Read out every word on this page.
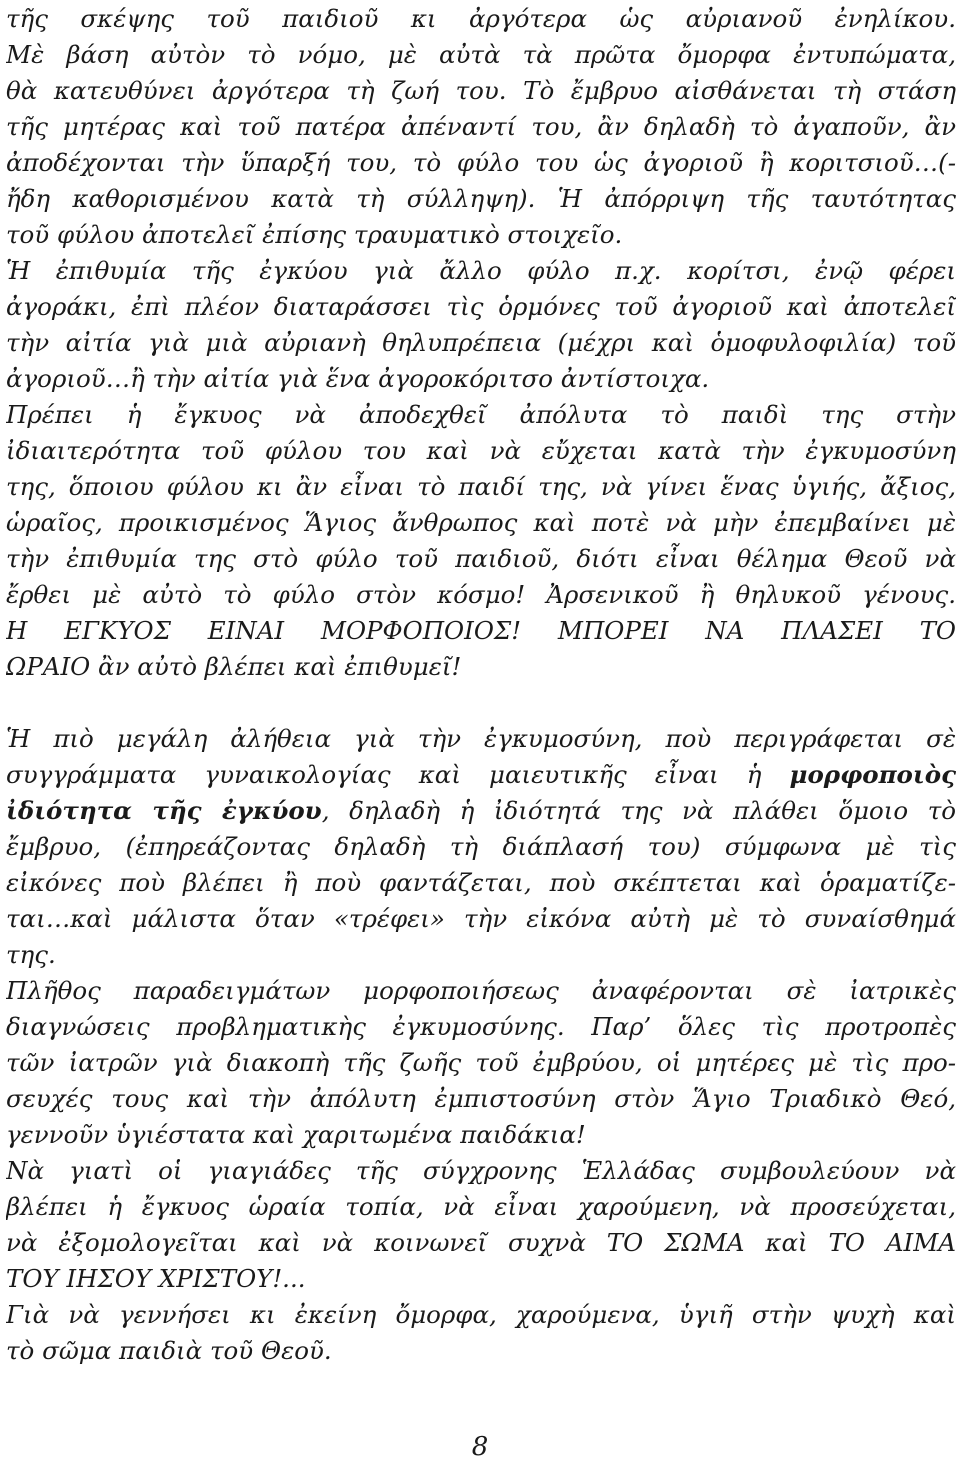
τῆς σκέψης τοῦ παιδιοῦ κι ἀργότερα ὡς αὐριανοῦ ἐνηλίκου.
Μὲ βάση αὐτὸν τὸ νόμο, μὲ αὐτὰ τὰ πρῶτα ὄμορφα ἐντυπώματα,
θὰ κατευθύνει ἀργότερα τὴ ζωή του. Τὸ ἔμβρυο αἰσθάνεται τὴ στάση
τῆς μητέρας καὶ τοῦ πατέρα ἀπέναντί του, ἂν δηλαδὴ τὸ ἀγαποῦν, ἂν
ἀποδέχονται τὴν ὕπαρξή του, τὸ φύλο του ὡς ἀγοριοῦ ἢ κοριτσιοῦ…(-
ἤδη καθορισμένου κατὰ τὴ σύλληψη). Ἡ ἀπόρριψη τῆς ταυτότητας
τοῦ φύλου ἀποτελεῖ ἐπίσης τραυματικὸ στοιχεῖο.
Ἡ ἐπιθυμία τῆς ἐγκύου γιὰ ἄλλο φύλο π.χ. κορίτσι, ἐνῷ φέρει
ἀγοράκι, ἐπὶ πλέον διαταράσσει τὶς ὁρμόνες τοῦ ἀγοριοῦ καὶ ἀποτελεῖ
τὴν αἰτία γιὰ μιὰ αὐριανὴ θηλυπρέπεια (μέχρι καὶ ὁμοφυλοφιλία) τοῦ
ἀγοριοῦ…ἢ τὴν αἰτία γιὰ ἕνα ἀγοροκόριτσο ἀντίστοιχα.
Πρέπει ἡ ἔγκυος νὰ ἀποδεχθεῖ ἀπόλυτα τὸ παιδὶ της στὴν
ἰδιαιτερότητα τοῦ φύλου του καὶ νὰ εὔχεται κατὰ τὴν ἐγκυμοσύνη
της, ὅποιου φύλου κι ἂν εἶναι τὸ παιδί της, νὰ γίνει ἕνας ὑγιής, ἄξιος,
ὡραῖος, προικισμένος Ἅγιος ἄνθρωπος καὶ ποτὲ νὰ μὴν ἐπεμβαίνει μὲ
τὴν ἐπιθυμία της στὸ φύλο τοῦ παιδιοῦ, διότι εἶναι θέλημα Θεοῦ νὰ
ἔρθει μὲ αὐτὸ τὸ φύλο στὸν κόσμο! Ἀρσενικοῦ ἢ θηλυκοῦ γένους.
Η ΕΓΚΥΟΣ ΕΙΝΑΙ ΜΟΡΦΟΠΟΙΟΣ! ΜΠΟΡΕΙ ΝΑ ΠΛΑΣΕΙ ΤΟ
ΩΡΑΙΟ ἂν αὐτὸ βλέπει καὶ ἐπιθυμεῖ!
Ἡ πιὸ μεγάλη ἀλήθεια γιὰ τὴν ἐγκυμοσύνη, ποὺ περιγράφεται σὲ
συγγράμματα γυναικολογίας καὶ μαιευτικῆς εἶναι ἡ μορφοποιὸς
ἰδιότητα τῆς ἐγκύου, δηλαδὴ ἡ ἰδιότητά της νὰ πλάθει ὅμοιο τὸ
ἔμβρυο, (ἐπηρεάζοντας δηλαδὴ τὴ διάπλασή του) σύμφωνα μὲ τὶς
εἰκόνες ποὺ βλέπει ἢ ποὺ φαντάζεται, ποὺ σκέπτεται καὶ ὁραματίζε-
ται…καὶ μάλιστα ὅταν «τρέφει» τὴν εἰκόνα αὐτὴ μὲ τὸ συναίσθημά
της.
Πλῆθος παραδειγμάτων μορφοποιήσεως ἀναφέρονται σὲ ἰατρικὲς
διαγνώσεις προβληματικὴς ἐγκυμοσύνης. Παρ’ ὅλες τὶς προτροπὲς
τῶν ἰατρῶν γιὰ διακοπὴ τῆς ζωῆς τοῦ ἐμβρύου, οἱ μητέρες μὲ τὶς προ-
σευχές τους καὶ τὴν ἀπόλυτη ἐμπιστοσύνη στὸν Ἅγιο Τριαδικὸ Θεό,
γεννοῦν ὑγιέστατα καὶ χαριτωμένα παιδάκια!
Νὰ γιατὶ οἱ γιαγιάδες τῆς σύγχρονης Ἑλλάδας συμβουλεύουν νὰ
βλέπει ἡ ἔγκυος ὡραία τοπία, νὰ εἶναι χαρούμενη, νὰ προσεύχεται,
νὰ ἐξομολογεῖται καὶ νὰ κοινωνεῖ συχνὰ ΤΟ ΣΩΜΑ καὶ ΤΟ ΑΙΜΑ
ΤΟΥ ΙΗΣΟΥ ΧΡΙΣΤΟΥ!...
Γιὰ νὰ γεννήσει κι ἐκείνη ὄμορφα, χαρούμενα, ὑγιῆ στὴν ψυχὴ καὶ
τὸ σῶμα παιδιὰ τοῦ Θεοῦ.
8
